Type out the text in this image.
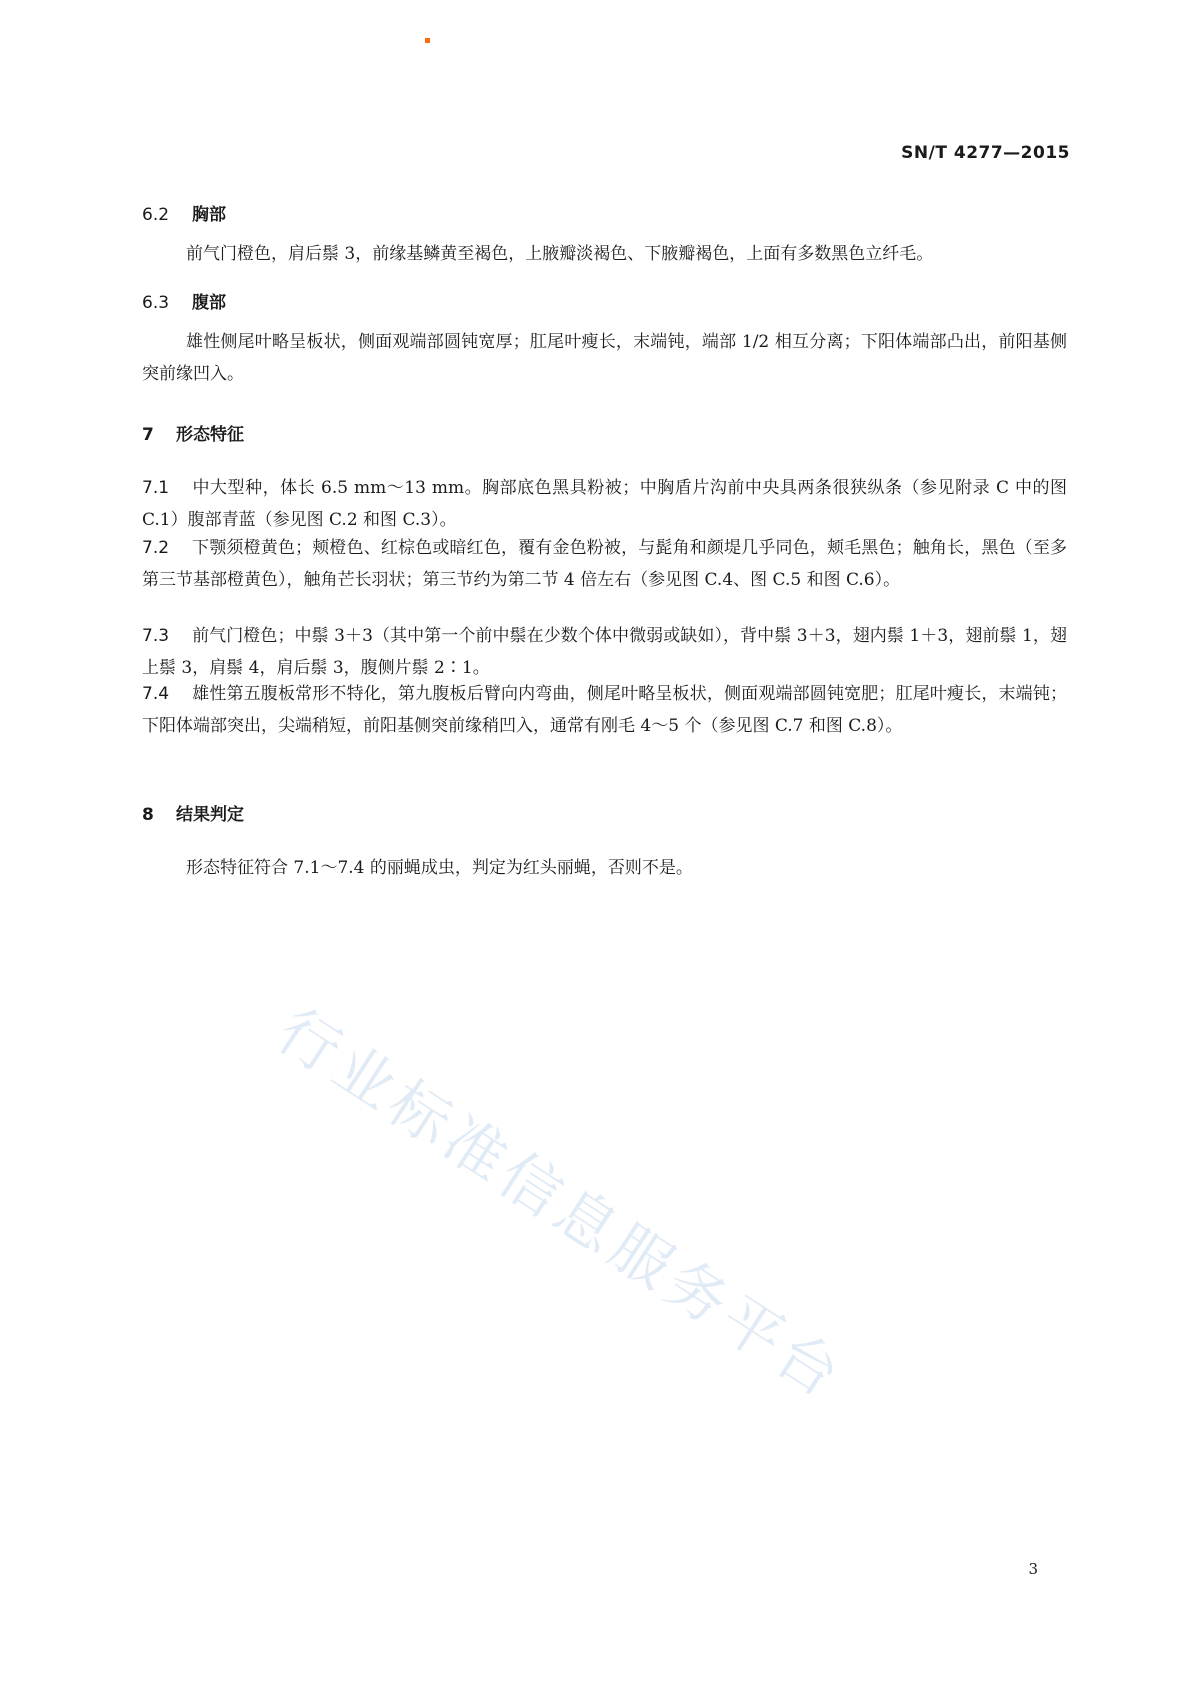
SN/T 4277—2015
6.2 胸部
前气门橙色，肩后鬃 3，前缘基鳞黄至褐色，上腋瓣淡褐色、下腋瓣褐色，上面有多数黑色立纤毛。
6.3 腹部
雄性侧尾叶略呈板状，侧面观端部圆钝宽厚；肛尾叶瘦长，末端钝，端部 1/2 相互分离；下阳体端部凸出，前阳基侧突前缘凹入。
7 形态特征
7.1 中大型种，体长 6.5 mm～13 mm。胸部底色黑具粉被；中胸盾片沟前中央具两条很狭纵条（参见附录 C 中的图 C.1）腹部青蓝（参见图 C.2 和图 C.3）。
7.2 下颚须橙黄色；颊橙色、红棕色或暗红色，覆有金色粉被，与髭角和颜堤几乎同色，颊毛黑色；触角长，黑色（至多第三节基部橙黄色），触角芒长羽状；第三节约为第二节 4 倍左右（参见图 C.4、图 C.5 和图 C.6）。
7.3 前气门橙色；中鬃 3＋3（其中第一个前中鬃在少数个体中微弱或缺如），背中鬃 3＋3，翅内鬃 1＋3，翅前鬃 1，翅上鬃 3，肩鬃 4，肩后鬃 3，腹侧片鬃 2∶1。
7.4 雄性第五腹板常形不特化，第九腹板后臂向内弯曲，侧尾叶略呈板状，侧面观端部圆钝宽肥；肛尾叶瘦长，末端钝；下阳体端部突出，尖端稍短，前阳基侧突前缘稍凹入，通常有刚毛 4～5 个（参见图 C.7 和图 C.8）。
8 结果判定
形态特征符合 7.1～7.4 的丽蝇成虫，判定为红头丽蝇，否则不是。
行业标准信息服务平台
3
